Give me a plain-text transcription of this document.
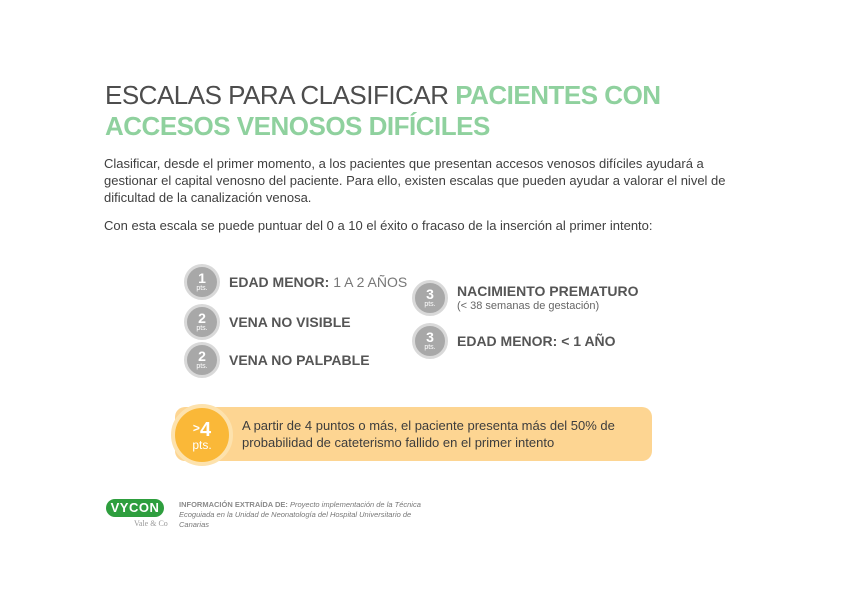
ESCALAS PARA CLASIFICAR PACIENTES CON ACCESOS VENOSOS DIFÍCILES

Clasificar, desde el primer momento, a los pacientes que presentan accesos venosos difíciles ayudará a gestionar el capital venosno del paciente. Para ello, existen escalas que pueden ayudar a valorar el nivel de dificultad de la canalización venosa.

Con esta escala se puede puntuar del 0 a 10 el éxito o fracaso de la inserción al primer intento:

1
pts. EDAD MENOR: 1 A 2 AÑOS
2
pts. VENA NO VISIBLE
2
pts. VENA NO PALPABLE
3
pts.
NACIMIENTO PREMATURO
(< 38 semanas de gestación)
3
pts. EDAD MENOR: < 1 AÑO
>4
pts.

A partir de 4 puntos o más, el paciente presenta más del 50% de probabilidad de cateterismo fallido en el primer intento

VYCON
Vale & Co

INFORMACIÓN EXTRAÍDA DE: Proyecto implementación de la Técnica Ecoguiada en la Unidad de Neonatología del Hospital Universitario de Canarias
